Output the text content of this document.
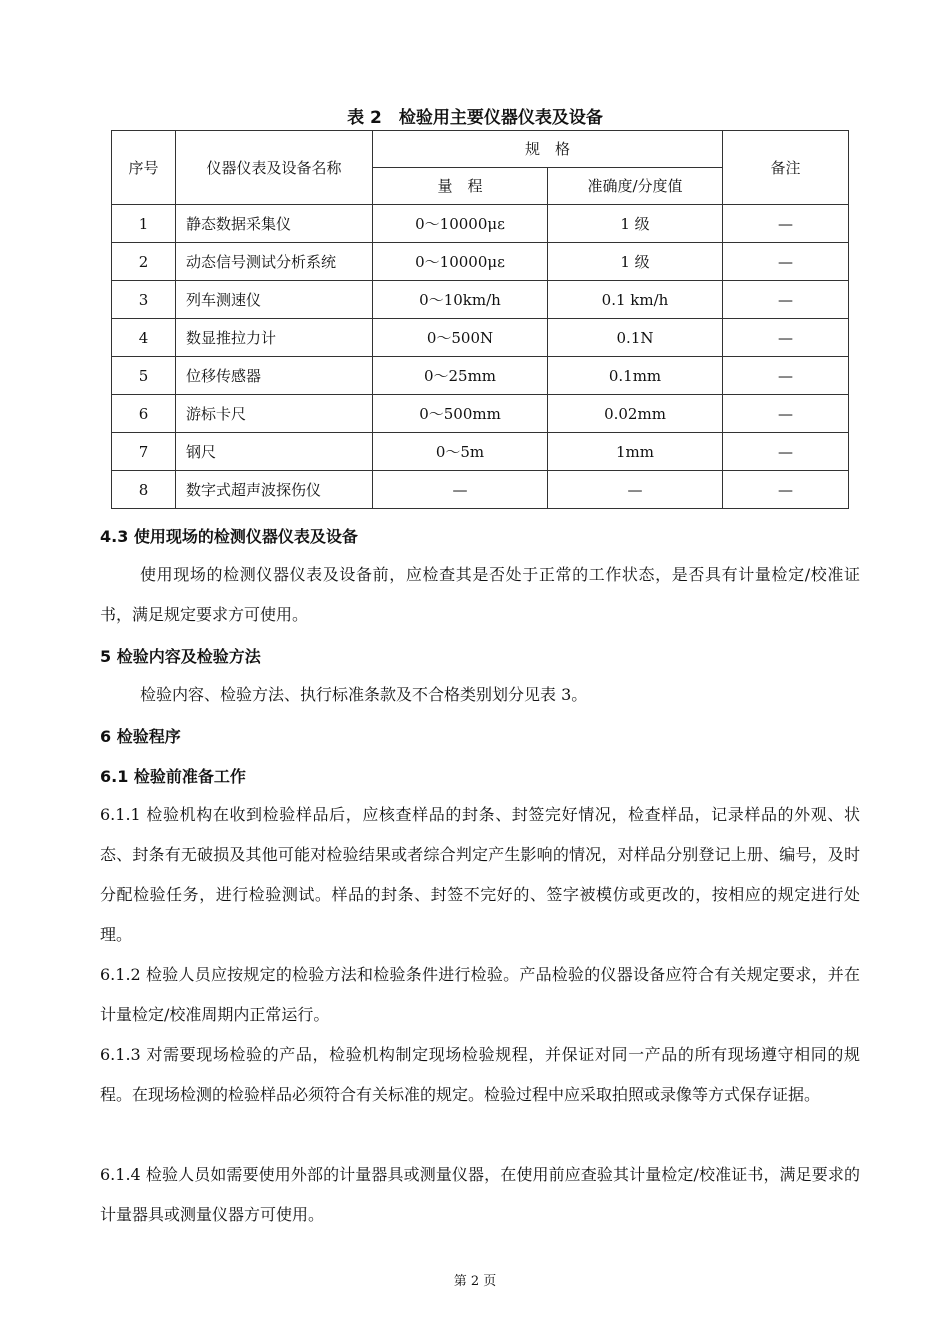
表 2　检验用主要仪器仪表及设备
序号	仪器仪表及设备名称	规　格		备注
		量　程	准确度/分度值	
1	静态数据采集仪	0～10000με	1 级	—
2	动态信号测试分析系统	0～10000με	1 级	—
3	列车测速仪	0～10km/h	0.1 km/h	—
4	数显推拉力计	0～500N	0.1N	—
5	位移传感器	0～25mm	0.1mm	—
6	游标卡尺	0～500mm	0.02mm	—
7	钢尺	0～5m	1mm	—
8	数字式超声波探伤仪	—	—	—
4.3 使用现场的检测仪器仪表及设备
使用现场的检测仪器仪表及设备前，应检查其是否处于正常的工作状态，是否具有计量检定/校准证书，满足规定要求方可使用。
5 检验内容及检验方法
检验内容、检验方法、执行标准条款及不合格类别划分见表 3。
6 检验程序
6.1 检验前准备工作
6.1.1 检验机构在收到检验样品后，应核查样品的封条、封签完好情况，检查样品，记录样品的外观、状态、封条有无破损及其他可能对检验结果或者综合判定产生影响的情况，对样品分别登记上册、编号，及时分配检验任务，进行检验测试。样品的封条、封签不完好的、签字被模仿或更改的，按相应的规定进行处理。
6.1.2 检验人员应按规定的检验方法和检验条件进行检验。产品检验的仪器设备应符合有关规定要求，并在计量检定/校准周期内正常运行。
6.1.3 对需要现场检验的产品，检验机构制定现场检验规程，并保证对同一产品的所有现场遵守相同的规程。在现场检测的检验样品必须符合有关标准的规定。检验过程中应采取拍照或录像等方式保存证据。
6.1.4 检验人员如需要使用外部的计量器具或测量仪器，在使用前应查验其计量检定/校准证书，满足要求的计量器具或测量仪器方可使用。
第 2 页
